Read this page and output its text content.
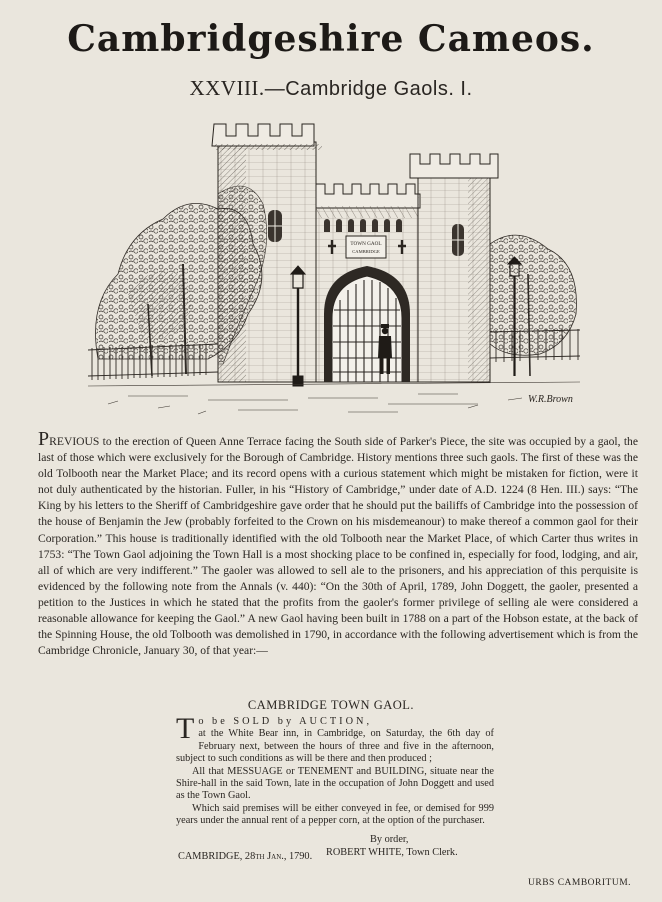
Cambridgeshire Cameos.
XXVIII.—Cambridge Gaols. I.
TOWN GAOL
CAMBRIDGE
W.R.Brown
PREVIOUS to the erection of Queen Anne Terrace facing the South side of Parker's Piece, the site was occupied by a gaol, the last of those which were exclusively for the Borough of Cambridge. History mentions three such gaols. The first of these was the old Tolbooth near the Market Place; and its record opens with a curious statement which might be mistaken for fiction, were it not duly authenticated by the historian. Fuller, in his “History of Cambridge,” under date of A.D. 1224 (8 Hen. III.) says: “The King by his letters to the Sheriff of Cambridgeshire gave order that he should put the bailiffs of Cambridge into the possession of the house of Benjamin the Jew (probably forfeited to the Crown on his misdemeanour) to make thereof a common gaol for their Corporation.” This house is traditionally identified with the old Tolbooth near the Market Place, of which Carter thus writes in 1753: “The Town Gaol adjoining the Town Hall is a most shocking place to be confined in, especially for food, lodging, and air, all of which are very indifferent.” The gaoler was allowed to sell ale to the prisoners, and his appreciation of this perquisite is evidenced by the following note from the Annals (v. 440): “On the 30th of April, 1789, John Doggett, the gaoler, presented a petition to the Justices in which he stated that the profits from the gaoler's former privilege of selling ale were considered a reasonable allowance for keeping the Gaol.” A new Gaol having been built in 1788 on a part of the Hobson estate, at the back of the Spinning House, the old Tolbooth was demolished in 1790, in accordance with the following advertisement which is from the Cambridge Chronicle, January 30, of that year:—
CAMBRIDGE TOWN GAOL.
T o be SOLD by AUCTION,

at the White Bear inn, in Cambridge, on Saturday, the 6th day of February next, between the hours of three and five in the afternoon, subject to such conditions as will be there and then produced ;

All that MESSUAGE or TENEMENT and BUILDING, situate near the Shire-hall in the said Town, late in the occupation of John Doggett and used as the Town Gaol.

Which said premises will be either conveyed in fee, or demised for 999 years under the annual rent of a pepper corn, at the option of the purchaser.

By order,
ROBERT WHITE, Town Clerk.
CAMBRIDGE, 28th Jan., 1790.
URBS CAMBORITUM.
